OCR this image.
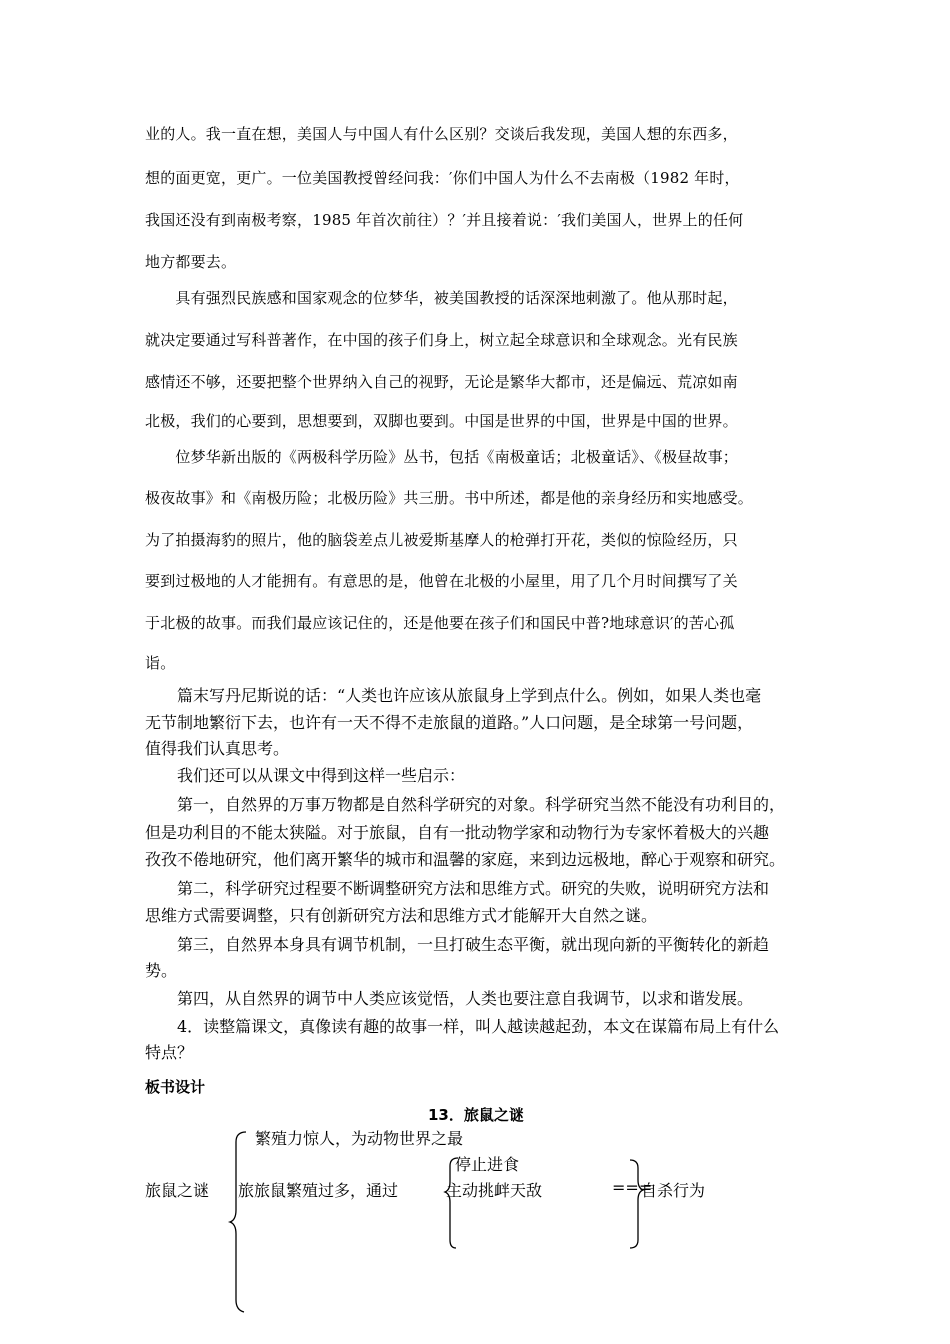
业的人。我一直在想，美国人与中国人有什么区别？交谈后我发现，美国人想的东西多，
想的面更宽，更广。一位美国教授曾经问我：′你们中国人为什么不去南极（1982 年时，
我国还没有到南极考察，1985 年首次前往）？′并且接着说：′我们美国人，世界上的任何
地方都要去。
　　具有强烈民族感和国家观念的位梦华，被美国教授的话深深地刺激了。他从那时起，
就决定要通过写科普著作，在中国的孩子们身上，树立起全球意识和全球观念。光有民族
感情还不够，还要把整个世界纳入自己的视野，无论是繁华大都市，还是偏远、荒凉如南
北极，我们的心要到，思想要到，双脚也要到。中国是世界的中国，世界是中国的世界。
　　位梦华新出版的《两极科学历险》丛书，包括《南极童话；北极童话》、《极昼故事；
极夜故事》和《南极历险；北极历险》共三册。书中所述，都是他的亲身经历和实地感受。
为了拍摄海豹的照片，他的脑袋差点儿被爱斯基摩人的枪弹打开花，类似的惊险经历，只
要到过极地的人才能拥有。有意思的是，他曾在北极的小屋里，用了几个月时间撰写了关
于北极的故事。而我们最应该记住的，还是他要在孩子们和国民中普?地球意识′的苦心孤
诣。
　　篇末写丹尼斯说的话：“人类也许应该从旅鼠身上学到点什么。例如，如果人类也毫
无节制地繁衍下去，也许有一天不得不走旅鼠的道路。”人口问题，是全球第一号问题，
值得我们认真思考。
　　我们还可以从课文中得到这样一些启示：
　　第一，自然界的万事万物都是自然科学研究的对象。科学研究当然不能没有功利目的，
但是功利目的不能太狭隘。对于旅鼠，自有一批动物学家和动物行为专家怀着极大的兴趣
孜孜不倦地研究，他们离开繁华的城市和温馨的家庭，来到边远极地，醉心于观察和研究。
　　第二，科学研究过程要不断调整研究方法和思维方式。研究的失败，说明研究方法和
思维方式需要调整，只有创新研究方法和思维方式才能解开大自然之谜。
　　第三，自然界本身具有调节机制，一旦打破生态平衡，就出现向新的平衡转化的新趋
势。
　　第四，从自然界的调节中人类应该觉悟，人类也要注意自我调节，以求和谐发展。
　　4．读整篇课文，真像读有趣的故事一样，叫人越读越起劲，本文在谋篇布局上有什么
特点？
板书设计
13．旅鼠之谜
繁殖力惊人，为动物世界之最
停止进食
旅鼠之谜 旅旅鼠繁殖过多，通过	主动挑衅天敌	===
自杀行为
